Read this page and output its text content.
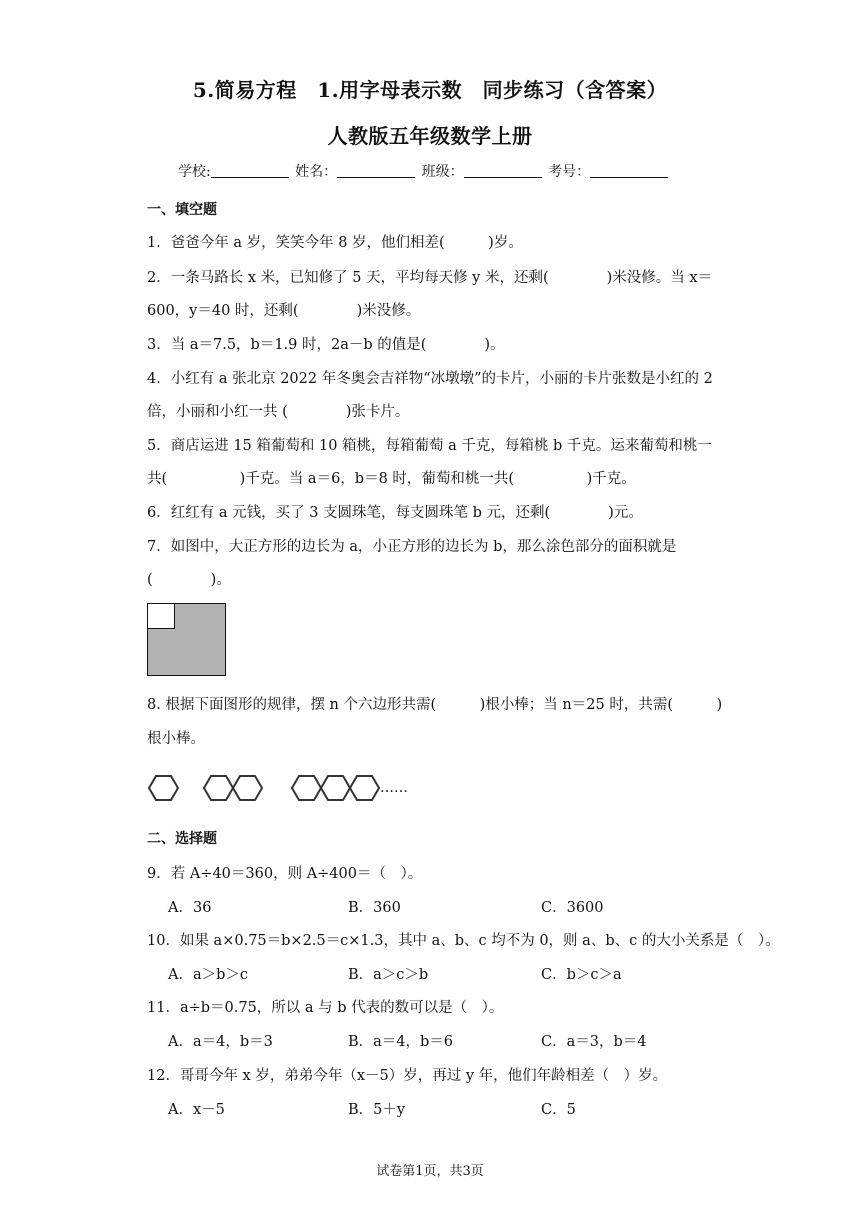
5.简易方程　1.用字母表示数　同步练习（含答案）
人教版五年级数学上册
学校:	姓名：	班级：	考号：
一、填空题
1．爸爸今年 a 岁，笑笑今年 8 岁，他们相差(　　　)岁。
2．一条马路长 x 米，已知修了 5 天，平均每天修 y 米，还剩(　　　　)米没修。当 x＝
600，y＝40 时，还剩(　　　　)米没修。
3．当 a＝7.5，b＝1.9 时，2a－b 的值是(　　　　)。
4．小红有 a 张北京 2022 年冬奥会吉祥物“冰墩墩”的卡片，小丽的卡片张数是小红的 2
倍，小丽和小红一共 (　　　　)张卡片。
5．商店运进 15 箱葡萄和 10 箱桃，每箱葡萄 a 千克，每箱桃 b 千克。运来葡萄和桃一
共(　　　　　)千克。当 a＝6，b＝8 时，葡萄和桃一共(　　　　　)千克。
6．红红有 a 元钱，买了 3 支圆珠笔，每支圆珠笔 b 元，还剩(　　　　)元。
7．如图中，大正方形的边长为 a，小正方形的边长为 b，那么涂色部分的面积就是
(　　　　)。
8. 根据下面图形的规律，摆 n 个六边形共需(　　　)根小棒；当 n＝25 时，共需(　　　)
根小棒。
……
二、选择题
9．若 A÷40＝360，则 A÷400＝（　）。
A．36	B．360	C．3600
10．如果 a×0.75＝b×2.5＝c×1.3，其中 a、b、c 均不为 0，则 a、b、c 的大小关系是（　）。
A．a＞b＞c	B．a＞c＞b	C．b＞c＞a
11．a÷b＝0.75，所以 a 与 b 代表的数可以是（　）。
A．a＝4，b＝3	B．a＝4，b＝6	C．a＝3，b＝4
12．哥哥今年 x 岁，弟弟今年（x－5）岁，再过 y 年，他们年龄相差（　）岁。
A．x－5	B．5＋y	C．5
试卷第1页，共3页
